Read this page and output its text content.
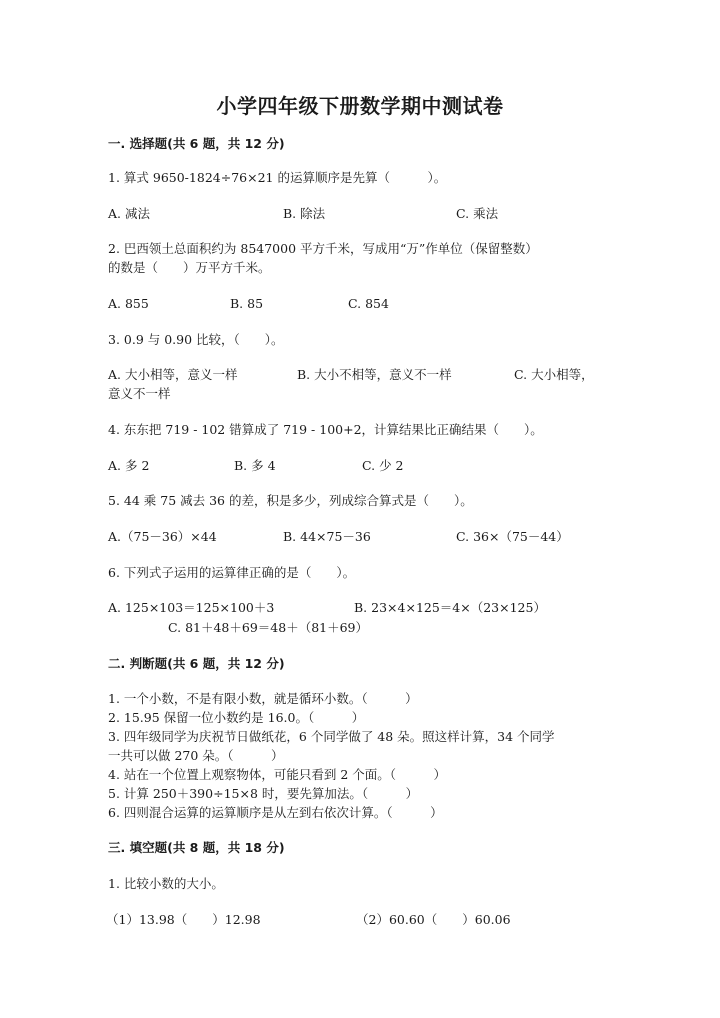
小学四年级下册数学期中测试卷
一. 选择题(共 6 题，共 12 分)
1. 算式 9650-1824÷76×21 的运算顺序是先算（　　　）。
A. 减法	B. 除法	C. 乘法
2. 巴西领土总面积约为 8547000 平方千米，写成用“万”作单位（保留整数）
的数是（　　）万平方千米。
A. 855	B. 85	C. 854
3. 0.9 与 0.90 比较，（　　）。
A. 大小相等，意义一样	B. 大小不相等，意义不一样	C. 大小相等，
意义不一样
4. 东东把 719 - 102 错算成了 719 - 100+2，计算结果比正确结果（　　）。
A. 多 2	B. 多 4	C. 少 2
5. 44 乘 75 减去 36 的差，积是多少，列成综合算式是（　　）。
A.（75－36）×44	B. 44×75－36	C. 36×（75－44）
6. 下列式子运用的运算律正确的是（　　）。
A. 125×103＝125×100＋3	B. 23×4×125＝4×（23×125）
C. 81＋48＋69＝48＋（81＋69）
二. 判断题(共 6 题，共 12 分)
1. 一个小数，不是有限小数，就是循环小数。（　　　）
2. 15.95 保留一位小数约是 16.0。（　　　）
3. 四年级同学为庆祝节日做纸花，6 个同学做了 48 朵。照这样计算，34 个同学
一共可以做 270 朵。（　　　）
4. 站在一个位置上观察物体，可能只看到 2 个面。（　　　）
5. 计算 250＋390÷15×8 时，要先算加法。（　　　）
6. 四则混合运算的运算顺序是从左到右依次计算。（　　　）
三. 填空题(共 8 题，共 18 分)
1. 比较小数的大小。
（1）13.98（　　）12.98	（2）60.60（　　）60.06
